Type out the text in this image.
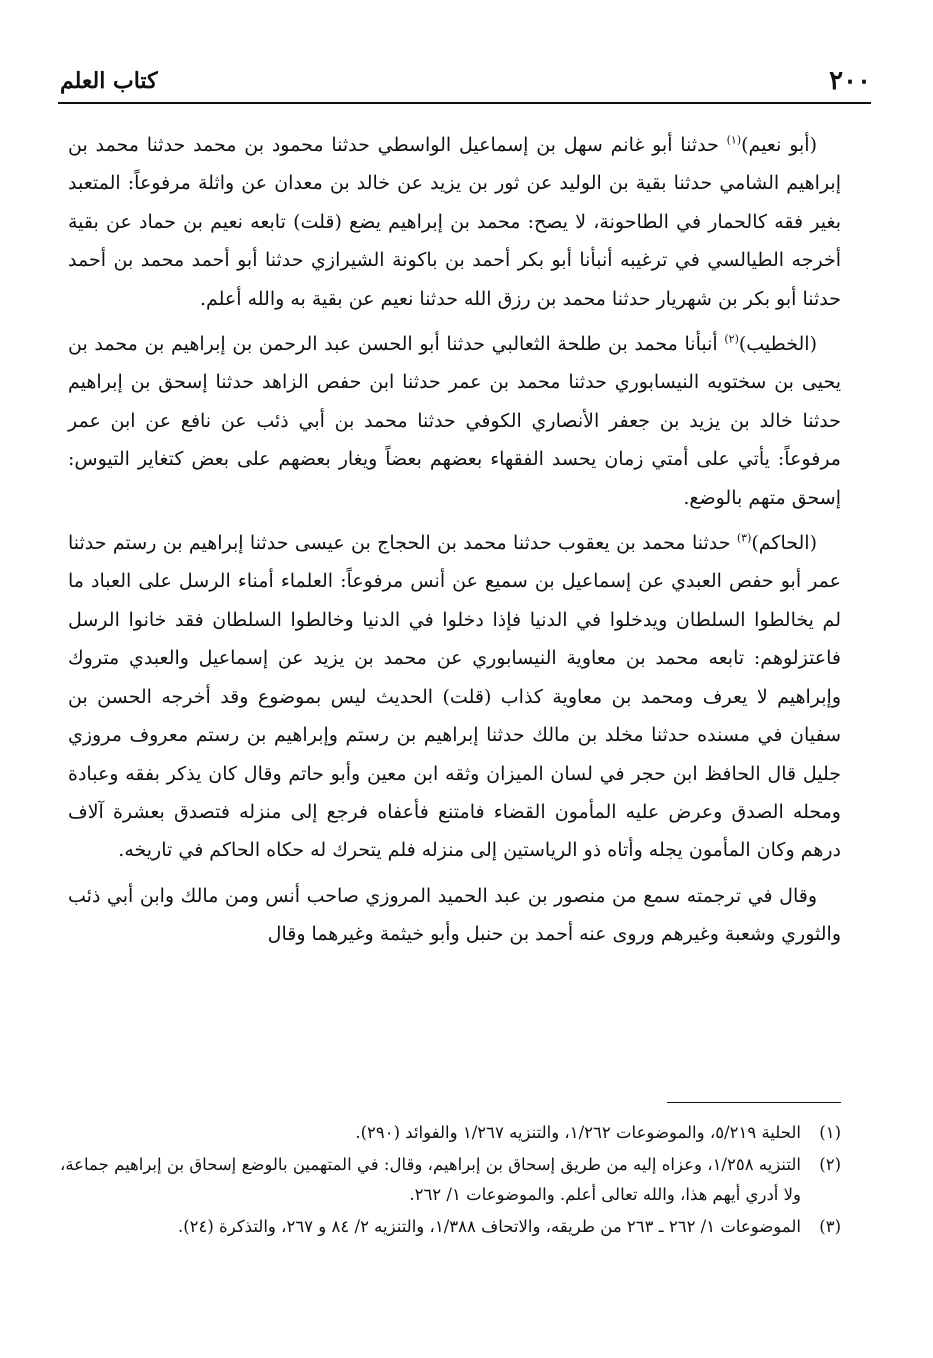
٢٠٠
كتاب العلم

(أبو نعيم)$^{(١)}$ حدثنا أبو غانم سهل بن إسماعيل الواسطي حدثنا محمود بن محمد حدثنا محمد بن إبراهيم الشامي حدثنا بقية بن الوليد عن ثور بن يزيد عن خالد بن معدان عن واثلة مرفوعاً: المتعبد بغير فقه كالحمار في الطاحونة، لا يصح: محمد بن إبراهيم يضع (قلت) تابعه نعيم بن حماد عن بقية أخرجه الطيالسي في ترغيبه أنبأنا أبو بكر أحمد بن باكونة الشيرازي حدثنا أبو أحمد محمد بن أحمد حدثنا أبو بكر بن شهريار حدثنا محمد بن رزق الله حدثنا نعيم عن بقية به والله أعلم.

(الخطيب)$^{(٢)}$ أنبأنا محمد بن طلحة الثعالبي حدثنا أبو الحسن عبد الرحمن بن إبراهيم بن محمد بن يحيى بن سختويه النيسابوري حدثنا محمد بن عمر حدثنا ابن حفص الزاهد حدثنا إسحق بن إبراهيم حدثنا خالد بن يزيد بن جعفر الأنصاري الكوفي حدثنا محمد بن أبي ذئب عن نافع عن ابن عمر مرفوعاً: يأتي على أمتي زمان يحسد الفقهاء بعضهم بعضاً ويغار بعضهم على بعض كتغاير التيوس: إسحق متهم بالوضع.

(الحاكم)$^{(٣)}$ حدثنا محمد بن يعقوب حدثنا محمد بن الحجاج بن عيسى حدثنا إبراهيم بن رستم حدثنا عمر أبو حفص العبدي عن إسماعيل بن سميع عن أنس مرفوعاً: العلماء أمناء الرسل على العباد ما لم يخالطوا السلطان ويدخلوا في الدنيا فإذا دخلوا في الدنيا وخالطوا السلطان فقد خانوا الرسل فاعتزلوهم: تابعه محمد بن معاوية النيسابوري عن محمد بن يزيد عن إسماعيل والعبدي متروك وإبراهيم لا يعرف ومحمد بن معاوية كذاب (قلت) الحديث ليس بموضوع وقد أخرجه الحسن بن سفيان في مسنده حدثنا مخلد بن مالك حدثنا إبراهيم بن رستم وإبراهيم بن رستم معروف مروزي جليل قال الحافظ ابن حجر في لسان الميزان وثقه ابن معين وأبو حاتم وقال كان يذكر بفقه وعبادة ومحله الصدق وعرض عليه المأمون القضاء فامتنع فأعفاه فرجع إلى منزله فتصدق بعشرة آلاف درهم وكان المأمون يجله وأتاه ذو الرياستين إلى منزله فلم يتحرك له حكاه الحاكم في تاريخه.

وقال في ترجمته سمع من منصور بن عبد الحميد المروزي صاحب أنس ومن مالك وابن أبي ذئب والثوري وشعبة وغيرهم وروى عنه أحمد بن حنبل وأبو خيثمة وغيرهما وقال

(١)
الحلية ٥/٢١٩، والموضوعات ١/٢٦٢، والتنزيه ١/٢٦٧ والفوائد (٢٩٠).
(٢)
التنزيه ١/٢٥٨، وعزاه إليه من طريق إسحاق بن إبراهيم، وقال: في المتهمين بالوضع إسحاق بن إبراهيم جماعة، ولا أدري أيهم هذا، والله تعالى أعلم. والموضوعات ١/ ٢٦٢.
(٣)
الموضوعات ١/ ٢٦٢ ـ ٢٦٣ من طريقه، والاتحاف ١/٣٨٨، والتنزيه ٢/ ٨٤ و ٢٦٧، والتذكرة (٢٤).
